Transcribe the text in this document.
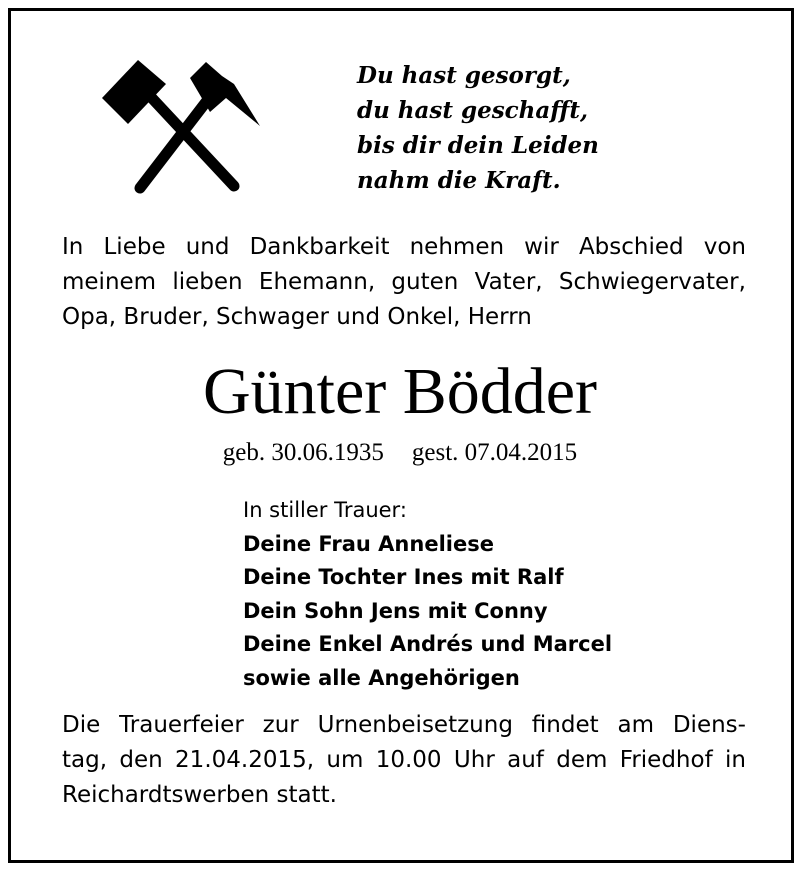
Du hast gesorgt,
du hast geschafft,
bis dir dein Leiden
nahm die Kraft.
In Liebe und Dankbarkeit nehmen wir Abschied von
meinem lieben Ehemann, guten Vater, Schwiegervater,
Opa, Bruder, Schwager und Onkel, Herrn
Günter Bödder
geb. 30.06.1935 gest. 07.04.2015
In stiller Trauer:
Deine Frau Anneliese
Deine Tochter Ines mit Ralf
Dein Sohn Jens mit Conny
Deine Enkel Andrés und Marcel
sowie alle Angehörigen
Die Trauerfeier zur Urnenbeisetzung findet am Diens-
tag, den 21.04.2015, um 10.00 Uhr auf dem Friedhof in
Reichardtswerben statt.
